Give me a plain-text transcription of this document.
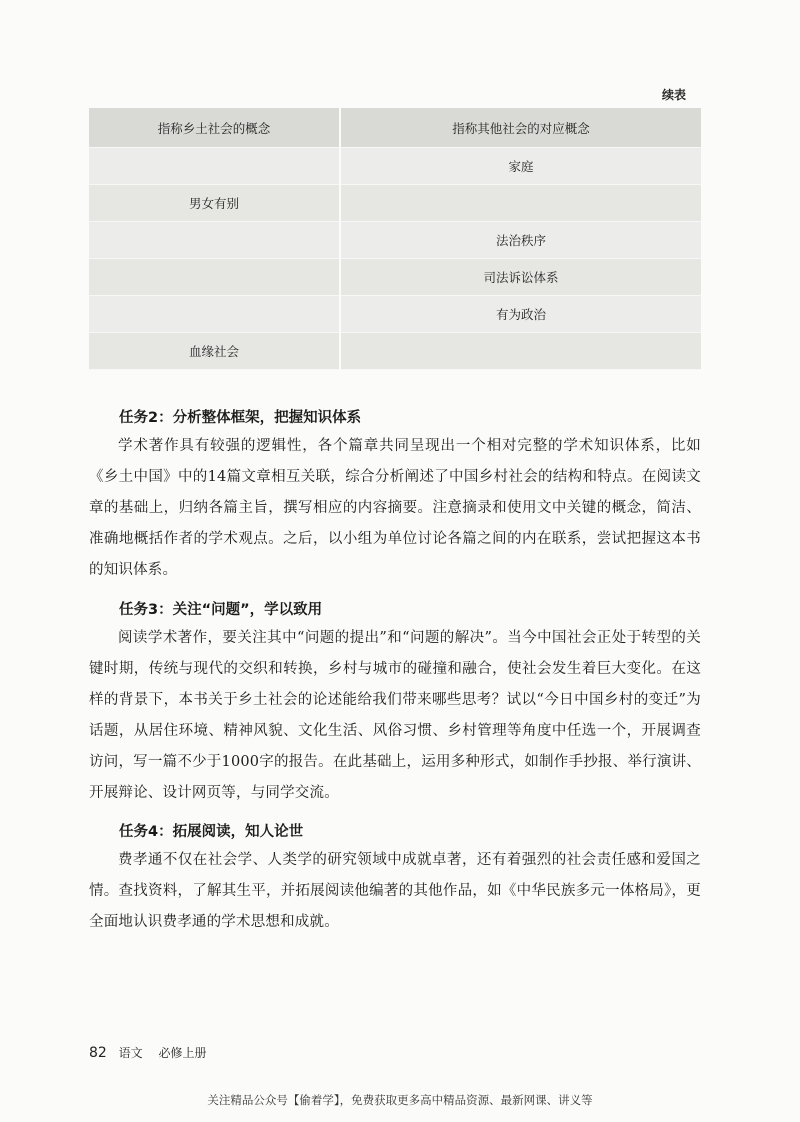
续表
指称乡土社会的概念	指称其他社会的对应概念
	家庭
男女有别	
	法治秩序
	司法诉讼体系
	有为政治
血缘社会	
任务2：分析整体框架，把握知识体系

学术著作具有较强的逻辑性，各个篇章共同呈现出一个相对完整的学术知识体系，比如《乡土中国》中的14篇文章相互关联，综合分析阐述了中国乡村社会的结构和特点。在阅读文章的基础上，归纳各篇主旨，撰写相应的内容摘要。注意摘录和使用文中关键的概念，简洁、准确地概括作者的学术观点。之后，以小组为单位讨论各篇之间的内在联系，尝试把握这本书的知识体系。

任务3：关注“问题”，学以致用

阅读学术著作，要关注其中“问题的提出”和“问题的解决”。当今中国社会正处于转型的关键时期，传统与现代的交织和转换，乡村与城市的碰撞和融合，使社会发生着巨大变化。在这样的背景下，本书关于乡土社会的论述能给我们带来哪些思考？试以“今日中国乡村的变迁”为话题，从居住环境、精神风貌、文化生活、风俗习惯、乡村管理等角度中任选一个，开展调查访问，写一篇不少于1000字的报告。在此基础上，运用多种形式，如制作手抄报、举行演讲、开展辩论、设计网页等，与同学交流。

任务4：拓展阅读，知人论世

费孝通不仅在社会学、人类学的研究领域中成就卓著，还有着强烈的社会责任感和爱国之情。查找资料，了解其生平，并拓展阅读他编著的其他作品，如《中华民族多元一体格局》，更全面地认识费孝通的学术思想和成就。

82 语文 必修上册
关注精品公众号【偷着学】，免费获取更多高中精品资源、最新网课、讲义等
